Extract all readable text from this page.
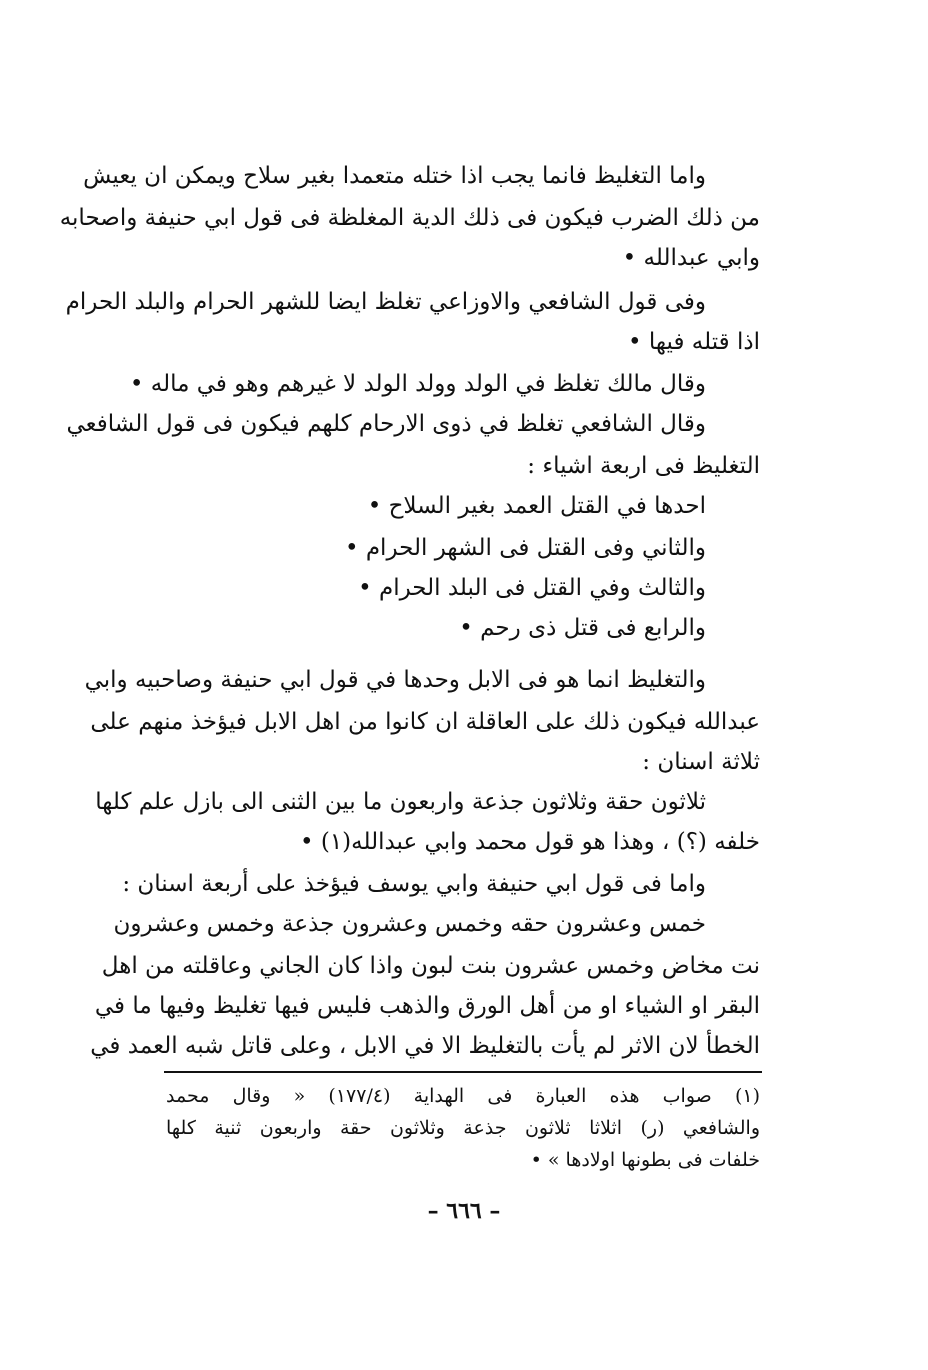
واما التغليظ فانما يجب اذا ختله متعمدا بغير سلاح ويمكن ان يعيش
من ذلك الضرب فيكون فى ذلك الدية المغلظة فى قول ابي حنيفة واصحابه
وابي عبدالله •
وفى قول الشافعي والاوزاعي تغلظ ايضا للشهر الحرام والبلد الحرام
اذا قتله فيها •
وقال مالك تغلظ في الولد وولد الولد لا غيرهم وهو في ماله •
وقال الشافعي تغلظ في ذوى الارحام كلهم فيكون فى قول الشافعي
التغليظ فى اربعة اشياء :
احدها في القتل العمد بغير السلاح •
والثاني وفى القتل فى الشهر الحرام •
والثالث وفي القتل فى البلد الحرام •
والرابع فى قتل ذى رحم •
والتغليظ انما هو فى الابل وحدها في قول ابي حنيفة وصاحبيه وابي
عبدالله فيكون ذلك على العاقلة ان كانوا من اهل الابل فيؤخذ منهم على
ثلاثة اسنان :
ثلاثون حقة وثلاثون جذعة واربعون ما بين الثنى الى بازل علم كلها
خلفه (؟) ، وهذا هو قول محمد وابي عبدالله(١) •
واما فى قول ابي حنيفة وابي يوسف فيؤخذ على أربعة اسنان :
خمس وعشرون حقه وخمس وعشرون جذعة وخمس وعشرون
نت مخاض وخمس عشرون بنت لبون واذا كان الجاني وعاقلته من اهل
البقر او الشياء او من أهل الورق والذهب فليس فيها تغليظ وفيها ما في
الخطأ لان الاثر لم يأت بالتغليظ الا في الابل ، وعلى قاتل شبه العمد في
(١) صواب هذه العبارة فى الهداية (١٧٧/٤) « وقال محمد
والشافعي (ر) اثلاثا ثلاثون جذعة وثلاثون حقة واربعون ثنية كلها
خلفات فى بطونها اولادها » •
– ٦٦٦ –
